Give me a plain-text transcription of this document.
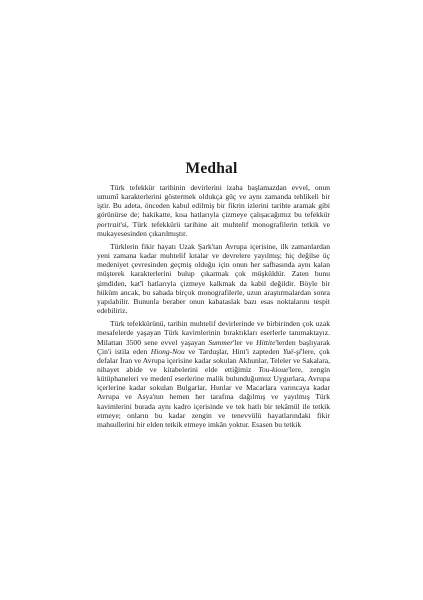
Medhal

Türk tefekkür tarihinin devirlerini izaha başlamazdan evvel, onun umumî karakterlerini göstermek oldukça güç ve aynı zamanda tehlikeli bir iştir. Bu adeta, önceden kabul edilmiş bir fikrin izlerini tarihte aramak gibi görünürse de; hakikatte, kısa hatlarıyla çizmeye çalışacağımız bu tefekkür portrait'si, Türk tefekkürü tarihine ait muhtelif monografilerin tetkik ve mukayesesinden çıkarılmıştır.

Türklerin fikir hayatı Uzak Şark'tan Avrupa içerisine, ilk zamanlardan yeni zamana kadar muhtelif kıtalar ve devrelere yayılmış; hiç değilse üç medeniyet çevresinden geçmiş olduğu için onun her safhasında aynı kalan müşterek karakterlerini bulup çıkarmak çok müşküldür. Zaten bunu şimdiden, kat'î hatlarıyla çizmeye kalkmak da kabil değildir. Böyle bir hüküm ancak, bu sahada birçok monografilerle, uzun araştırmalardan sonra yapılabilir. Bununla beraber onun kabataslak bazı esas noktalarını tespit edebiliriz.

Türk tefekkürünü, tarihin muhtelif devirlerinde ve birbirinden çok uzak mesafelerde yaşayan Türk kavimlerinin bıraktıkları eserlerle tanımaktayız. Milattan 3500 sene evvel yaşayan Summer'ler ve Hittite'lerden başlıyarak Çin'i istila eden Hiong-Nou ve Tarduşlar, Hint'i zapteden Yuë-şi'lere, çok defalar İran ve Avrupa içerisine kadar sokulan Akhunlar, Teleler ve Sakalara, nihayet abide ve kitabelerini elde ettiğimiz Tou-kioue'lere, zengin kütüphaneleri ve medenî eserlerine malik bulunduğumuz Uygurlara, Avrupa içerlerine kadar sokulan Bulgarlar, Hunlar ve Macarlara varıncaya kadar Avrupa ve Asya'nın hemen her tarafına dağılmış ve yayılmış Türk kavimlerini burada aynı kadro içerisinde ve tek hatlı bir tekâmül ile tetkik etmeye; onların bu kadar zengin ve tenevvülü hayatlarındaki fikir mahsullerini bir elden tetkik etmeye imkân yoktur. Esasen bu tetkik
